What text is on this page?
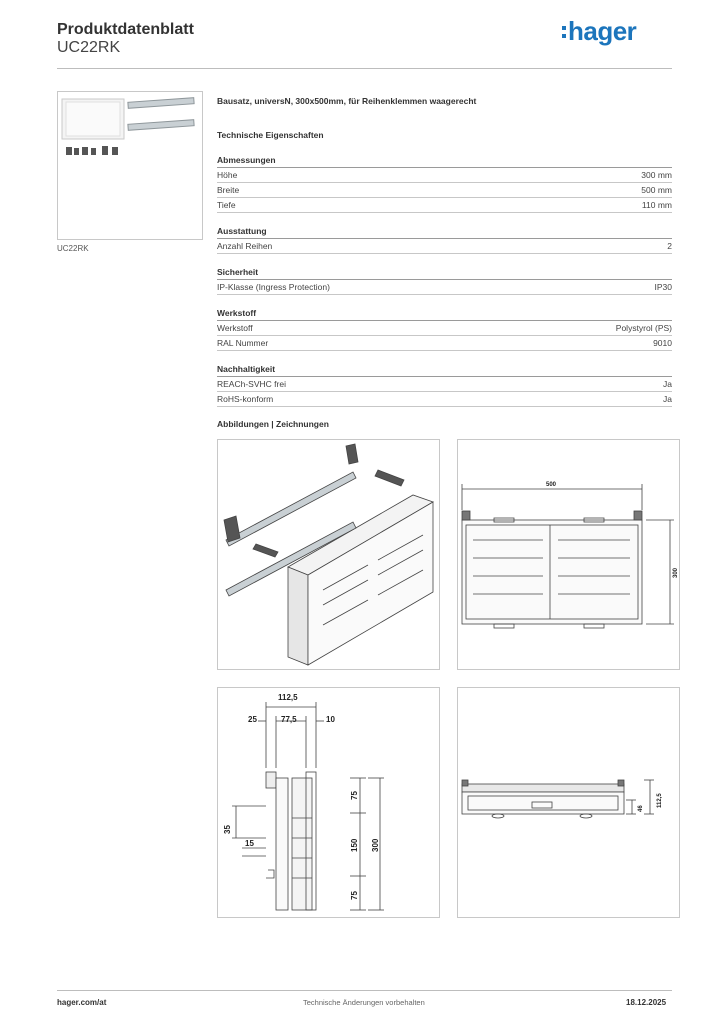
Produktdatenblatt
UC22RK
hager
UC22RK
Bausatz, universN, 300x500mm, für Reihenklemmen waagerecht
Technische Eigenschaften
Abmessungen
Höhe	300 mm
Breite	500 mm
Tiefe	110 mm
Ausstattung
Anzahl Reihen	2
Sicherheit
IP-Klasse (Ingress Protection)	IP30
Werkstoff
Werkstoff	Polystyrol (PS)
RAL Nummer	9010
Nachhaltigkeit
REACh-SVHC frei	Ja
RoHS-konform	Ja
Abbildungen | Zeichnungen
500
300
112,5
25	77,5	10
35
15
75
150
75
300
46
112,5
hager.com/at	Technische Änderungen vorbehalten	18.12.2025
